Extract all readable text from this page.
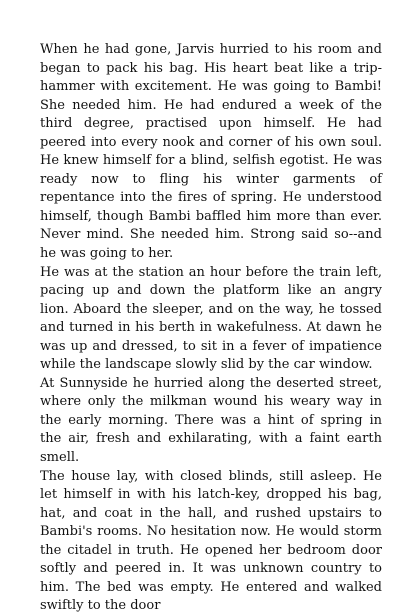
When he had gone, Jarvis hurried to his room and began to pack his bag. His heart beat like a trip-hammer with excitement. He was going to Bambi! She needed him. He had endured a week of the third degree, practised upon himself. He had peered into every nook and corner of his own soul. He knew himself for a blind, selfish egotist. He was ready now to fling his winter garments of repentance into the fires of spring. He understood himself, though Bambi baffled him more than ever. Never mind. She needed him. Strong said so--and he was going to her.

He was at the station an hour before the train left, pacing up and down the platform like an angry lion. Aboard the sleeper, and on the way, he tossed and turned in his berth in wakefulness. At dawn he was up and dressed, to sit in a fever of impatience while the landscape slowly slid by the car window.

At Sunnyside he hurried along the deserted street, where only the milkman wound his weary way in the early morning. There was a hint of spring in the air, fresh and exhilarating, with a faint earth smell.

The house lay, with closed blinds, still asleep. He let himself in with his latch-key, dropped his bag, hat, and coat in the hall, and rushed upstairs to Bambi's rooms. No hesitation now. He would storm the citadel in truth. He opened her bedroom door softly and peered in. It was unknown country to him. The bed was empty. He entered and walked swiftly to the door
